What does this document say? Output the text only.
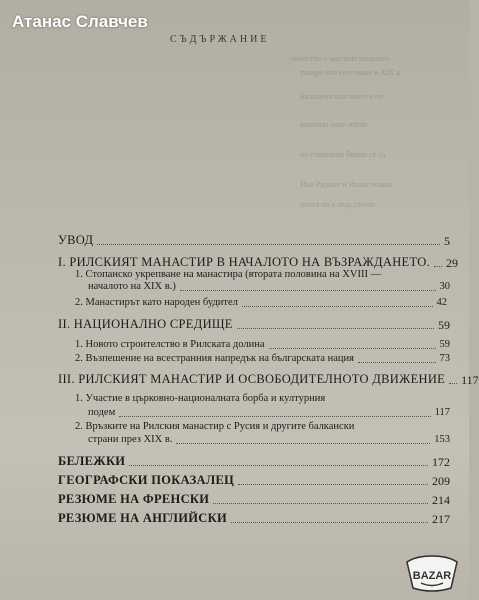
ничестни с маслене нащичто
тъпаро ото селтоване в XIX в
Бълнотон кол пвото в еп
вопенни нове итела
на славянски бинки се са
Ния Ридоне и Ятока пешки
поста ма в пещ стеове
Атанас Славчев
СЪДЪРЖАНИЕ
УВОД	5
I. РИЛСКИЯТ МАНАСТИР В НАЧАЛОТО НА ВЪЗРАЖДАНЕТО. 29
1. Стопанско укрепване на манастира (втората половина на XVIII —
началото на XIX в.)	30
2. Манастирът като народен будител	42
II. НАЦИОНАЛНО СРЕДИЩЕ	59
1. Новото строителство в Рилската долина	59
2. Възпешение на всестранния напредък на българската нация	73
III. РИЛСКИЯТ МАНАСТИР И ОСВОБОДИТЕЛНОТО ДВИЖЕНИЕ 117
1. Участие в църковно-националната борба и културния
подем	117
2. Връзките на Рилския манастир с Русия и другите балкански
страни през XIX в.	153
БЕЛЕЖКИ	172
ГЕОГРАФСКИ ПОКАЗАЛЕЦ	209
РЕЗЮМЕ НА ФРЕНСКИ	214
РЕЗЮМЕ НА АНГЛИЙСКИ	217
BAZAR
